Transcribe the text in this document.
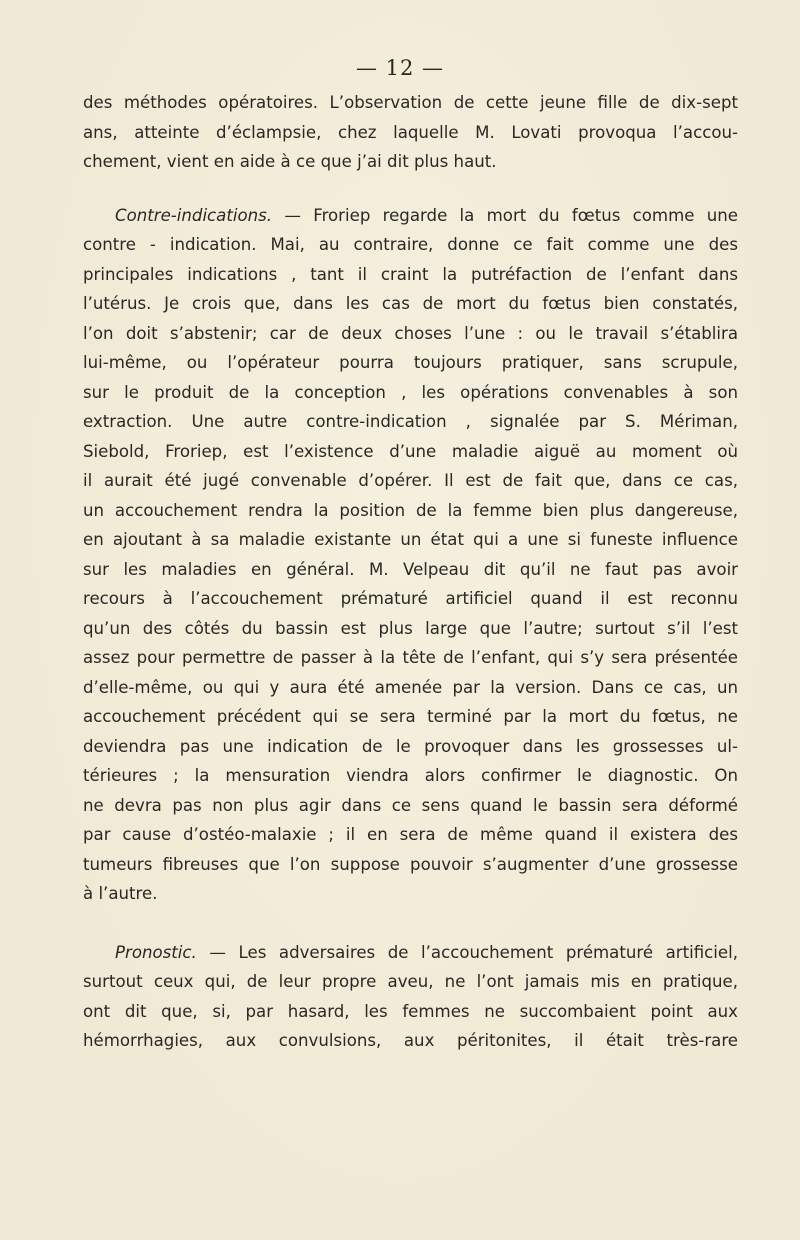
— 12 —
des méthodes opératoires. L’observation de cette jeune fille de dix-sept
ans, atteinte d’éclampsie, chez laquelle M. Lovati provoqua l’accou-
chement, vient en aide à ce que j’ai dit plus haut.
Contre-indications. — Froriep regarde la mort du fœtus comme une
contre - indication. Mai, au contraire, donne ce fait comme une des
principales indications , tant il craint la putréfaction de l’enfant dans
l’utérus. Je crois que, dans les cas de mort du fœtus bien constatés,
l’on doit s’abstenir; car de deux choses l’une : ou le travail s’établira
lui-même, ou l’opérateur pourra toujours pratiquer, sans scrupule,
sur le produit de la conception , les opérations convenables à son
extraction. Une autre contre-indication , signalée par S. Mériman,
Siebold, Froriep, est l’existence d’une maladie aiguë au moment où
il aurait été jugé convenable d’opérer. Il est de fait que, dans ce cas,
un accouchement rendra la position de la femme bien plus dangereuse,
en ajoutant à sa maladie existante un état qui a une si funeste influence
sur les maladies en général. M. Velpeau dit qu’il ne faut pas avoir
recours à l’accouchement prématuré artificiel quand il est reconnu
qu’un des côtés du bassin est plus large que l’autre; surtout s’il l’est
assez pour permettre de passer à la tête de l’enfant, qui s’y sera présentée
d’elle-même, ou qui y aura été amenée par la version. Dans ce cas, un
accouchement précédent qui se sera terminé par la mort du fœtus, ne
deviendra pas une indication de le provoquer dans les grossesses ul-
térieures ; la mensuration viendra alors confirmer le diagnostic. On
ne devra pas non plus agir dans ce sens quand le bassin sera déformé
par cause d’ostéo-malaxie ; il en sera de même quand il existera des
tumeurs fibreuses que l’on suppose pouvoir s’augmenter d’une grossesse
à l’autre.
Pronostic. — Les adversaires de l’accouchement prématuré artificiel,
surtout ceux qui, de leur propre aveu, ne l’ont jamais mis en pratique,
ont dit que, si, par hasard, les femmes ne succombaient point aux
hémorrhagies, aux convulsions, aux péritonites, il était très-rare
